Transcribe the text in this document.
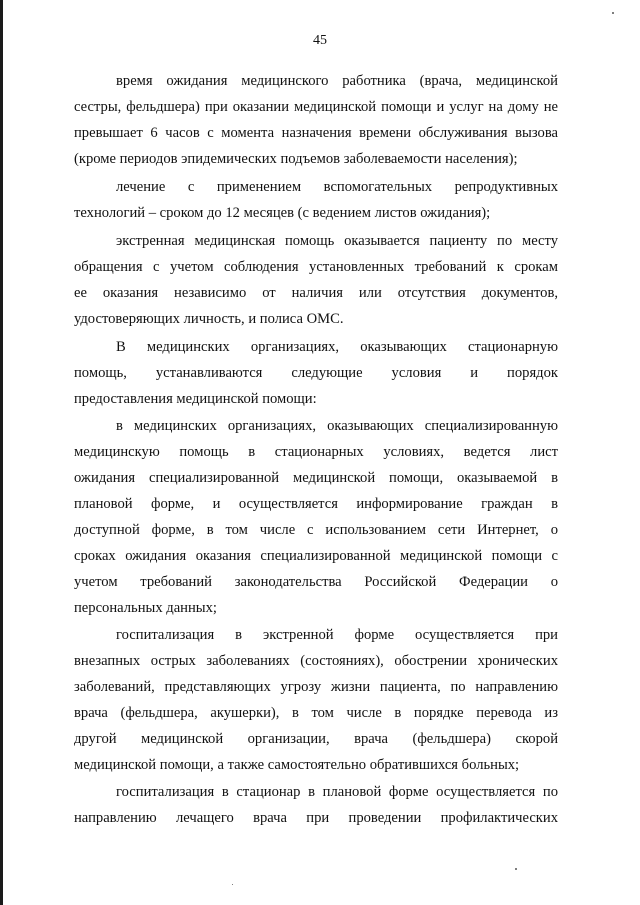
45
время ожидания медицинского работника (врача, медицинской
сестры, фельдшера) при оказании медицинской помощи и услуг на дому не
превышает 6 часов с момента назначения времени обслуживания вызова
(кроме периодов эпидемических подъемов заболеваемости населения);
лечение с применением вспомогательных репродуктивных
технологий – сроком до 12 месяцев (с ведением листов ожидания);
экстренная медицинская помощь оказывается пациенту по месту
обращения с учетом соблюдения установленных требований к срокам
ее оказания независимо от наличия или отсутствия документов,
удостоверяющих личность, и полиса ОМС.
В медицинских организациях, оказывающих стационарную
помощь, устанавливаются следующие условия и порядок
предоставления медицинской помощи:
в медицинских организациях, оказывающих специализированную
медицинскую помощь в стационарных условиях, ведется лист
ожидания специализированной медицинской помощи, оказываемой в
плановой форме, и осуществляется информирование граждан в
доступной форме, в том числе с использованием сети Интернет, о
сроках ожидания оказания специализированной медицинской помощи с
учетом требований законодательства Российской Федерации о
персональных данных;
госпитализация в экстренной форме осуществляется при
внезапных острых заболеваниях (состояниях), обострении хронических
заболеваний, представляющих угрозу жизни пациента, по направлению
врача (фельдшера, акушерки), в том числе в порядке перевода из
другой медицинской организации, врача (фельдшера) скорой
медицинской помощи, а также самостоятельно обратившихся больных;
госпитализация в стационар в плановой форме осуществляется по
направлению лечащего врача при проведении профилактических
